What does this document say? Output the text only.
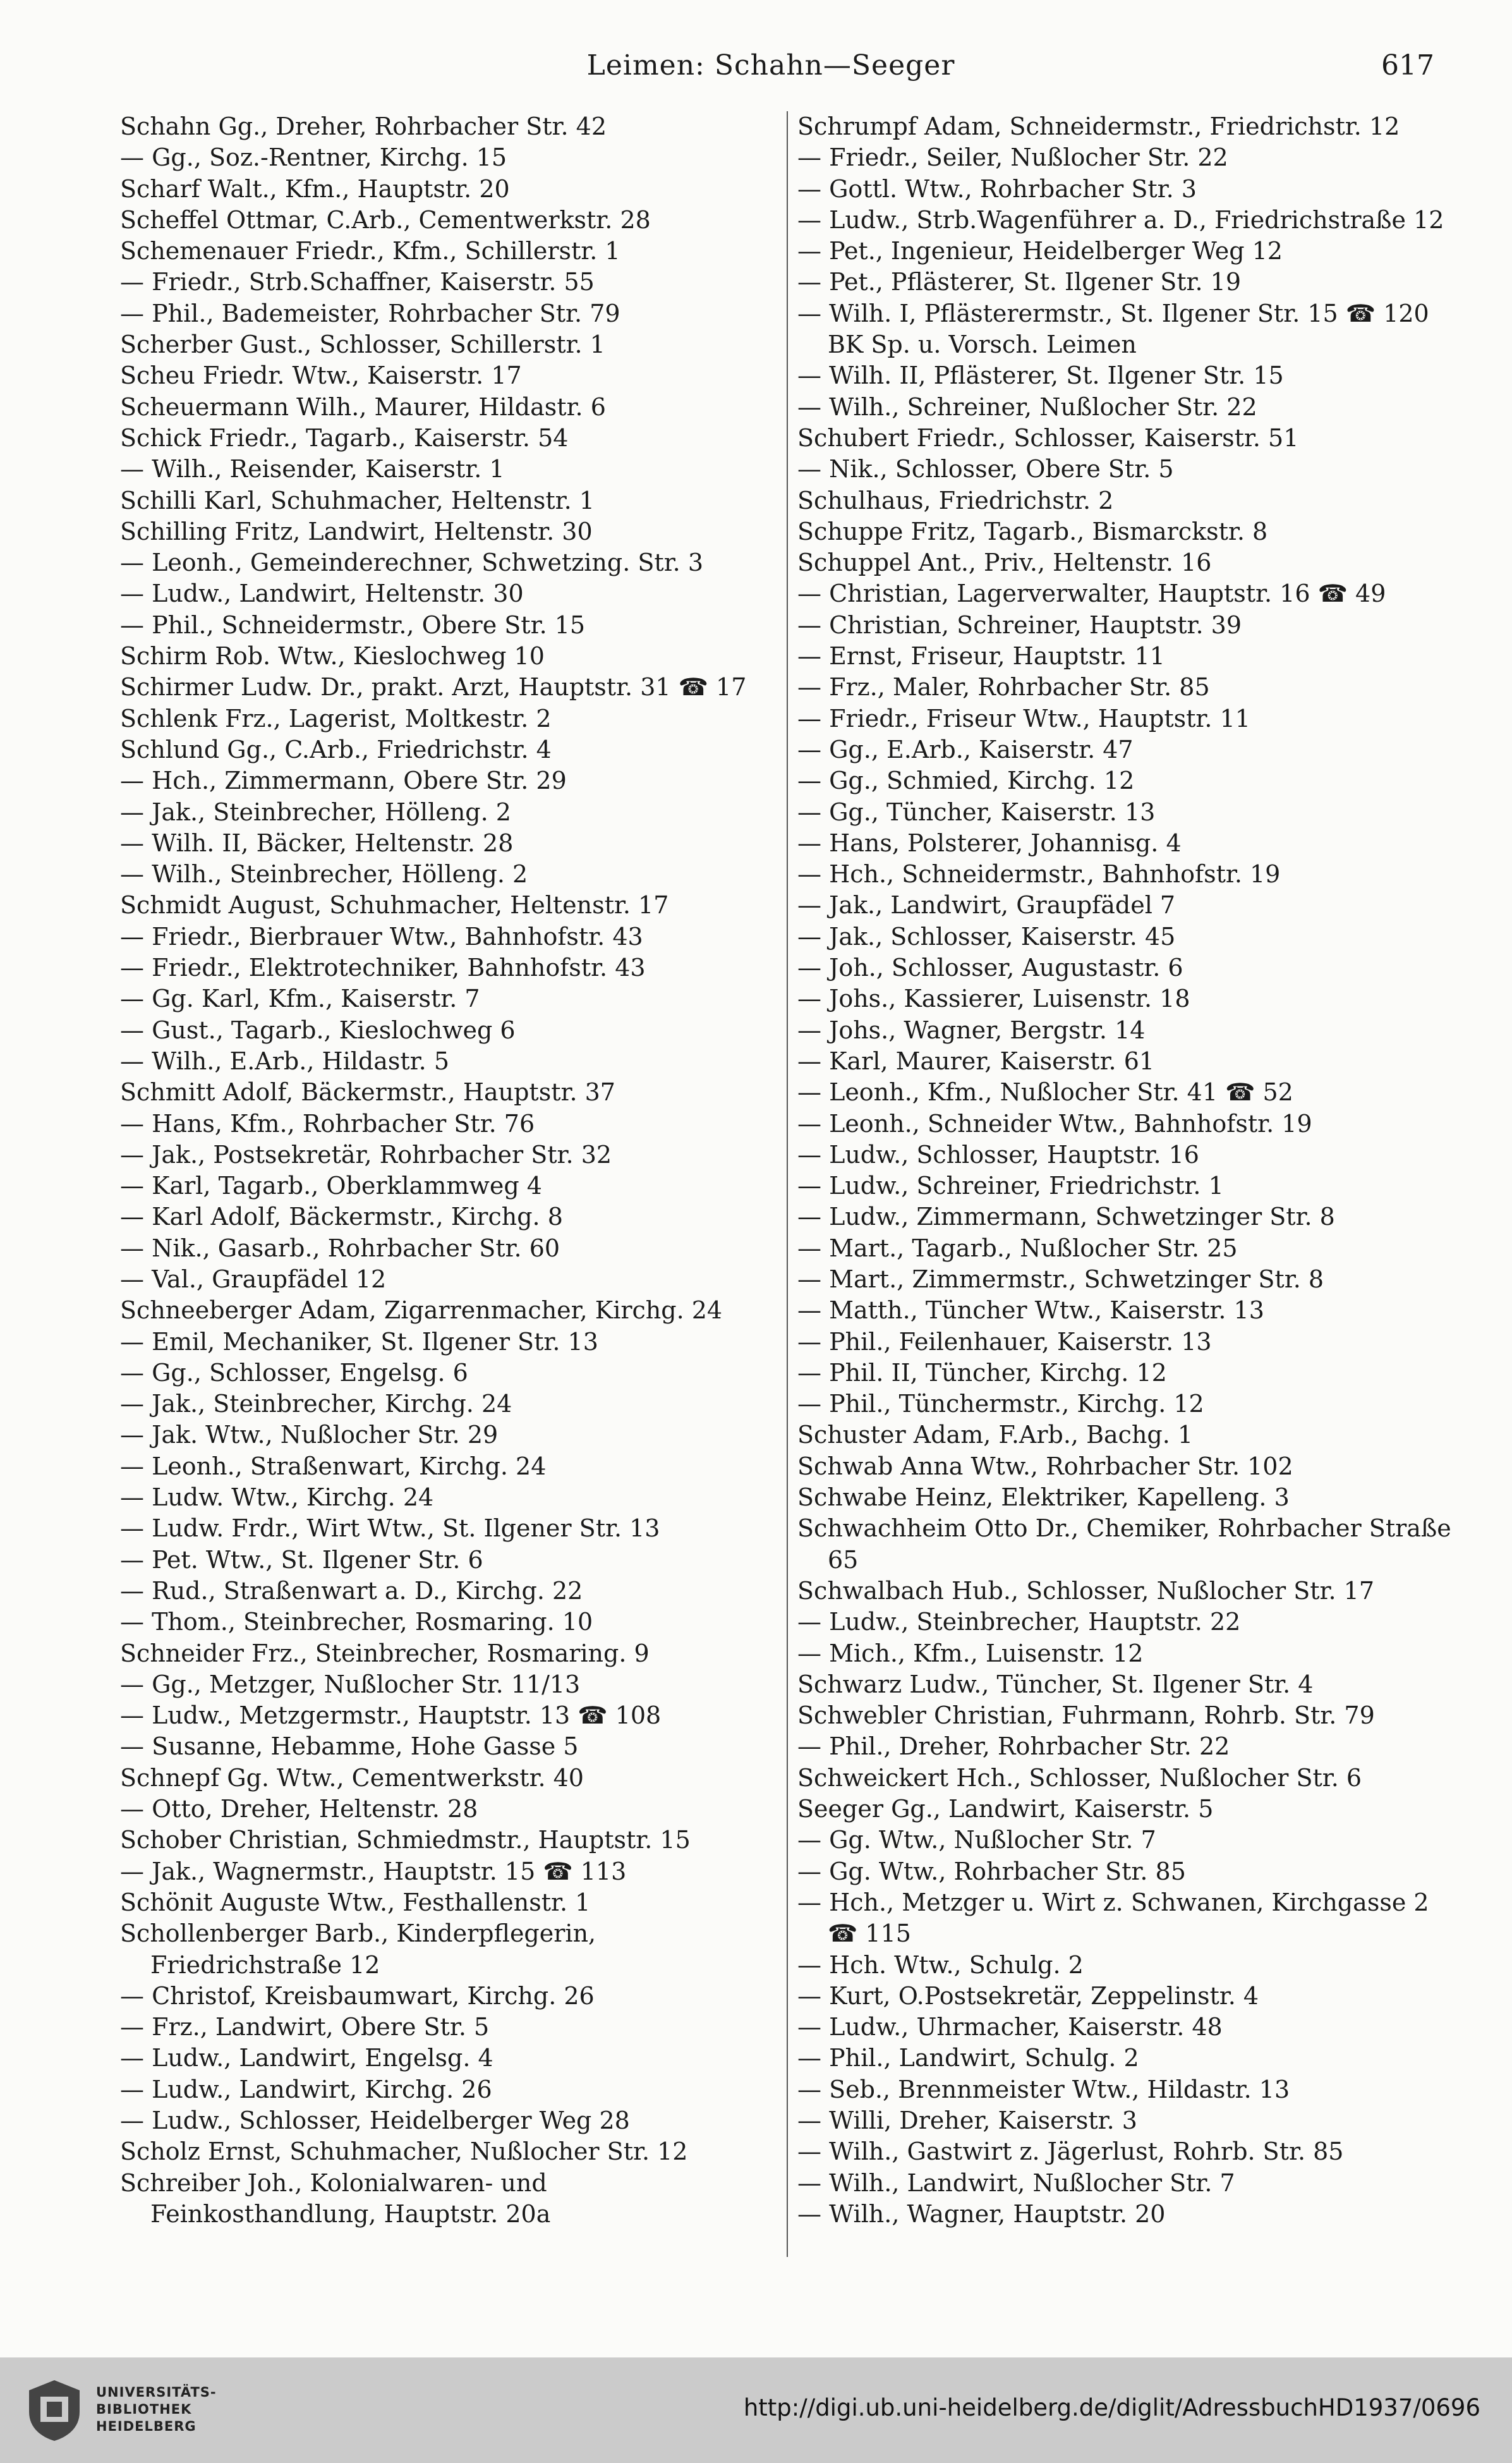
Leimen: Schahn—Seeger	617
Schahn Gg., Dreher, Rohrbacher Str. 42
— Gg., Soz.-Rentner, Kirchg. 15
Scharf Walt., Kfm., Hauptstr. 20
Scheffel Ottmar, C.Arb., Cementwerkstr. 28
Schemenauer Friedr., Kfm., Schillerstr. 1
— Friedr., Strb.Schaffner, Kaiserstr. 55
— Phil., Bademeister, Rohrbacher Str. 79
Scherber Gust., Schlosser, Schillerstr. 1
Scheu Friedr. Wtw., Kaiserstr. 17
Scheuermann Wilh., Maurer, Hildastr. 6
Schick Friedr., Tagarb., Kaiserstr. 54
— Wilh., Reisender, Kaiserstr. 1
Schilli Karl, Schuhmacher, Heltenstr. 1
Schilling Fritz, Landwirt, Heltenstr. 30
— Leonh., Gemeinderechner, Schwetzing. Str. 3
— Ludw., Landwirt, Heltenstr. 30
— Phil., Schneidermstr., Obere Str. 15
Schirm Rob. Wtw., Kieslochweg 10
Schirmer Ludw. Dr., prakt. Arzt, Hauptstr. 31 ☎ 17
Schlenk Frz., Lagerist, Moltkestr. 2
Schlund Gg., C.Arb., Friedrichstr. 4
— Hch., Zimmermann, Obere Str. 29
— Jak., Steinbrecher, Hölleng. 2
— Wilh. II, Bäcker, Heltenstr. 28
— Wilh., Steinbrecher, Hölleng. 2
Schmidt August, Schuhmacher, Heltenstr. 17
— Friedr., Bierbrauer Wtw., Bahnhofstr. 43
— Friedr., Elektrotechniker, Bahnhofstr. 43
— Gg. Karl, Kfm., Kaiserstr. 7
— Gust., Tagarb., Kieslochweg 6
— Wilh., E.Arb., Hildastr. 5
Schmitt Adolf, Bäckermstr., Hauptstr. 37
— Hans, Kfm., Rohrbacher Str. 76
— Jak., Postsekretär, Rohrbacher Str. 32
— Karl, Tagarb., Oberklammweg 4
— Karl Adolf, Bäckermstr., Kirchg. 8
— Nik., Gasarb., Rohrbacher Str. 60
— Val., Graupfädel 12
Schneeberger Adam, Zigarrenmacher, Kirchg. 24
— Emil, Mechaniker, St. Ilgener Str. 13
— Gg., Schlosser, Engelsg. 6
— Jak., Steinbrecher, Kirchg. 24
— Jak. Wtw., Nußlocher Str. 29
— Leonh., Straßenwart, Kirchg. 24
— Ludw. Wtw., Kirchg. 24
— Ludw. Frdr., Wirt Wtw., St. Ilgener Str. 13
— Pet. Wtw., St. Ilgener Str. 6
— Rud., Straßenwart a. D., Kirchg. 22
— Thom., Steinbrecher, Rosmaring. 10
Schneider Frz., Steinbrecher, Rosmaring. 9
— Gg., Metzger, Nußlocher Str. 11/13
— Ludw., Metzgermstr., Hauptstr. 13 ☎ 108
— Susanne, Hebamme, Hohe Gasse 5
Schnepf Gg. Wtw., Cementwerkstr. 40
— Otto, Dreher, Heltenstr. 28
Schober Christian, Schmiedmstr., Hauptstr. 15
— Jak., Wagnermstr., Hauptstr. 15 ☎ 113
Schönit Auguste Wtw., Festhallenstr. 1
Schollenberger Barb., Kinderpflegerin, Friedrichstraße 12
— Christof, Kreisbaumwart, Kirchg. 26
— Frz., Landwirt, Obere Str. 5
— Ludw., Landwirt, Engelsg. 4
— Ludw., Landwirt, Kirchg. 26
— Ludw., Schlosser, Heidelberger Weg 28
Scholz Ernst, Schuhmacher, Nußlocher Str. 12
Schreiber Joh., Kolonialwaren- und Feinkosthandlung, Hauptstr. 20a
Schrumpf Adam, Schneidermstr., Friedrichstr. 12
— Friedr., Seiler, Nußlocher Str. 22
— Gottl. Wtw., Rohrbacher Str. 3
— Ludw., Strb.Wagenführer a. D., Friedrichstraße 12
— Pet., Ingenieur, Heidelberger Weg 12
— Pet., Pflästerer, St. Ilgener Str. 19
— Wilh. I, Pflästerermstr., St. Ilgener Str. 15 ☎ 120 BK Sp. u. Vorsch. Leimen
— Wilh. II, Pflästerer, St. Ilgener Str. 15
— Wilh., Schreiner, Nußlocher Str. 22
Schubert Friedr., Schlosser, Kaiserstr. 51
— Nik., Schlosser, Obere Str. 5
Schulhaus, Friedrichstr. 2
Schuppe Fritz, Tagarb., Bismarckstr. 8
Schuppel Ant., Priv., Heltenstr. 16
— Christian, Lagerverwalter, Hauptstr. 16 ☎ 49
— Christian, Schreiner, Hauptstr. 39
— Ernst, Friseur, Hauptstr. 11
— Frz., Maler, Rohrbacher Str. 85
— Friedr., Friseur Wtw., Hauptstr. 11
— Gg., E.Arb., Kaiserstr. 47
— Gg., Schmied, Kirchg. 12
— Gg., Tüncher, Kaiserstr. 13
— Hans, Polsterer, Johannisg. 4
— Hch., Schneidermstr., Bahnhofstr. 19
— Jak., Landwirt, Graupfädel 7
— Jak., Schlosser, Kaiserstr. 45
— Joh., Schlosser, Augustastr. 6
— Johs., Kassierer, Luisenstr. 18
— Johs., Wagner, Bergstr. 14
— Karl, Maurer, Kaiserstr. 61
— Leonh., Kfm., Nußlocher Str. 41 ☎ 52
— Leonh., Schneider Wtw., Bahnhofstr. 19
— Ludw., Schlosser, Hauptstr. 16
— Ludw., Schreiner, Friedrichstr. 1
— Ludw., Zimmermann, Schwetzinger Str. 8
— Mart., Tagarb., Nußlocher Str. 25
— Mart., Zimmermstr., Schwetzinger Str. 8
— Matth., Tüncher Wtw., Kaiserstr. 13
— Phil., Feilenhauer, Kaiserstr. 13
— Phil. II, Tüncher, Kirchg. 12
— Phil., Tünchermstr., Kirchg. 12
Schuster Adam, F.Arb., Bachg. 1
Schwab Anna Wtw., Rohrbacher Str. 102
Schwabe Heinz, Elektriker, Kapelleng. 3
Schwachheim Otto Dr., Chemiker, Rohrbacher Straße 65
Schwalbach Hub., Schlosser, Nußlocher Str. 17
— Ludw., Steinbrecher, Hauptstr. 22
— Mich., Kfm., Luisenstr. 12
Schwarz Ludw., Tüncher, St. Ilgener Str. 4
Schwebler Christian, Fuhrmann, Rohrb. Str. 79
— Phil., Dreher, Rohrbacher Str. 22
Schweickert Hch., Schlosser, Nußlocher Str. 6
Seeger Gg., Landwirt, Kaiserstr. 5
— Gg. Wtw., Nußlocher Str. 7
— Gg. Wtw., Rohrbacher Str. 85
— Hch., Metzger u. Wirt z. Schwanen, Kirchgasse 2 ☎ 115
— Hch. Wtw., Schulg. 2
— Kurt, O.Postsekretär, Zeppelinstr. 4
— Ludw., Uhrmacher, Kaiserstr. 48
— Phil., Landwirt, Schulg. 2
— Seb., Brennmeister Wtw., Hildastr. 13
— Willi, Dreher, Kaiserstr. 3
— Wilh., Gastwirt z. Jägerlust, Rohrb. Str. 85
— Wilh., Landwirt, Nußlocher Str. 7
— Wilh., Wagner, Hauptstr. 20
UNIVERSITÄTS-
BIBLIOTHEK
HEIDELBERG
http://digi.ub.uni-heidelberg.de/diglit/AdressbuchHD1937/0696
